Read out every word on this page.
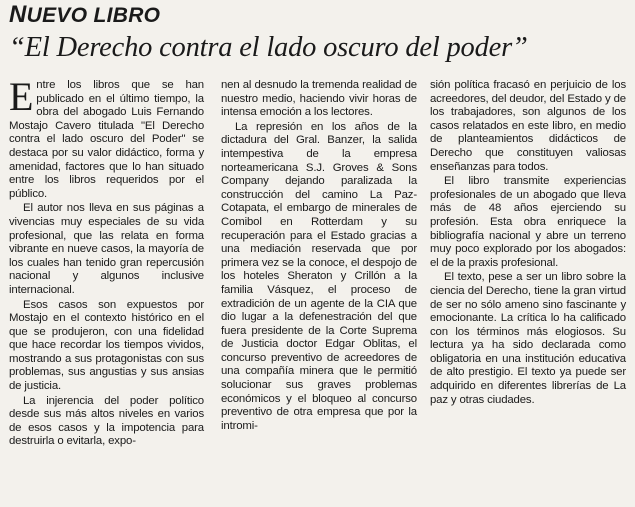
NUEVO LIBRO
“El Derecho contra el lado oscuro del poder”

Entre los libros que se han publicado en el último tiempo, la obra del abogado Luis Fernando Mostajo Cavero titulada "El Derecho contra el lado oscuro del Poder" se destaca por su valor didáctico, forma y amenidad, factores que lo han situado entre los libros requeridos por el público.

El autor nos lleva en sus páginas a vivencias muy especiales de su vida profesional, que las relata en forma vibrante en nueve casos, la mayoría de los cuales han tenido gran repercusión nacional y algunos inclusive internacional.

Esos casos son expuestos por Mostajo en el contexto histórico en el que se produjeron, con una fidelidad que hace recordar los tiempos vividos, mostrando a sus protagonistas con sus problemas, sus angustias y sus ansias de justicia.

La injerencia del poder político desde sus más altos niveles en varios de esos casos y la impotencia para destruirla o evitarla, expo-

nen al desnudo la tremenda realidad de nuestro medio, haciendo vivir horas de intensa emoción a los lectores.

La represión en los años de la dictadura del Gral. Banzer, la salida intempestiva de la empresa norteamericana S.J. Groves & Sons Company dejando paralizada la construcción del camino La Paz-Cotapata, el embargo de minerales de Comibol en Rotterdam y su recuperación para el Estado gracias a una mediación reservada que por primera vez se la conoce, el despojo de los hoteles Sheraton y Crillón a la familia Vásquez, el proceso de extradición de un agente de la CIA que dio lugar a la defenestración del que fuera presidente de la Corte Suprema de Justicia doctor Edgar Oblitas, el concurso preventivo de acreedores de una compañía minera que le permitió solucionar sus graves problemas económicos y el bloqueo al concurso preventivo de otra empresa que por la intromi-

sión política fracasó en perjuicio de los acreedores, del deudor, del Estado y de los trabajadores, son algunos de los casos relatados en este libro, en medio de planteamientos didácticos de Derecho que constituyen valiosas enseñanzas para todos.

El libro transmite experiencias profesionales de un abogado que lleva más de 48 años ejerciendo su profesión. Esta obra enriquece la bibliografía nacional y abre un terreno muy poco explorado por los abogados: el de la praxis profesional.

El texto, pese a ser un libro sobre la ciencia del Derecho, tiene la gran virtud de ser no sólo ameno sino fascinante y emocionante. La crítica lo ha calificado con los términos más elogiosos. Su lectura ya ha sido declarada como obligatoria en una institución educativa de alto prestigio. El texto ya puede ser adquirido en diferentes librerías de La paz y otras ciudades.
